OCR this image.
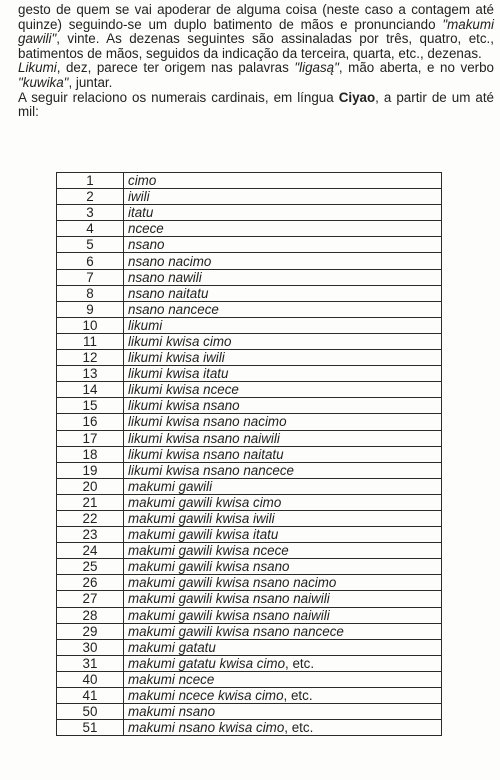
gesto de quem se vai apoderar de alguma coisa (neste caso a contagem até quinze) seguindo-se um duplo batimento de mãos e pronunciando "makumi gawili", vinte. As dezenas seguintes são assinaladas por três, quatro, etc., batimentos de mãos, seguidos da indicação da terceira, quarta, etc., dezenas.

Likumi, dez, parece ter origem nas palavras "ligasą", mão aberta, e no verbo "kuwika", juntar.

A seguir relaciono os numerais cardinais, em língua Ciyao, a partir de um até mil:

1	cimo
2	iwili
3	itatu
4	ncece
5	nsano
6	nsano nacimo
7	nsano nawili
8	nsano naitatu
9	nsano nancece
10	likumi
11	likumi kwisa cimo
12	likumi kwisa iwili
13	likumi kwisa itatu
14	likumi kwisa ncece
15	likumi kwisa nsano
16	likumi kwisa nsano nacimo
17	likumi kwisa nsano naiwili
18	likumi kwisa nsano naitatu
19	likumi kwisa nsano nancece
20	makumi gawili
21	makumi gawili kwisa cimo
22	makumi gawili kwisa iwili
23	makumi gawili kwisa itatu
24	makumi gawili kwisa ncece
25	makumi gawili kwisa nsano
26	makumi gawili kwisa nsano nacimo
27	makumi gawili kwisa nsano naiwili
28	makumi gawili kwisa nsano naiwili
29	makumi gawili kwisa nsano nancece
30	makumi gatatu
31	makumi gatatu kwisa cimo, etc.
40	makumi ncece
41	makumi ncece kwisa cimo, etc.
50	makumi nsano
51	makumi nsano kwisa cimo, etc.
